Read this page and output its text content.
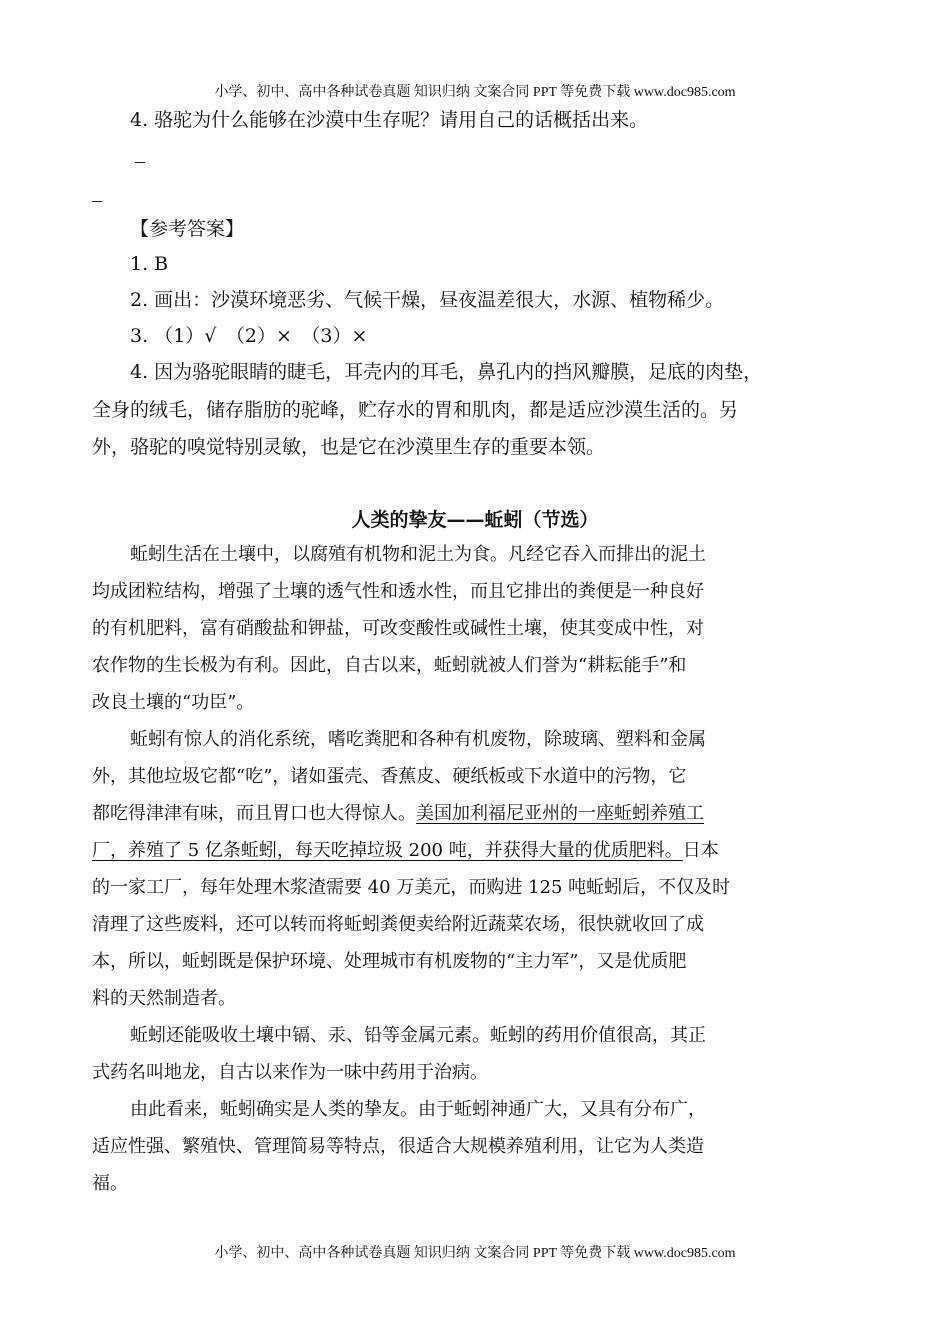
小学、初中、高中各种试卷真题 知识归纳 文案合同 PPT 等免费下载 www.doc985.com
4. 骆驼为什么能够在沙漠中生存呢？请用自己的话概括出来。
【参考答案】
1. B
2. 画出：沙漠环境恶劣、气候干燥，昼夜温差很大，水源、植物稀少。
3. （1）√　（2）×　（3）×
4. 因为骆驼眼睛的睫毛，耳壳内的耳毛，鼻孔内的挡风瓣膜，足底的肉垫，
全身的绒毛，储存脂肪的驼峰，贮存水的胃和肌肉，都是适应沙漠生活的。另
外，骆驼的嗅觉特别灵敏，也是它在沙漠里生存的重要本领。
人类的挚友——蚯蚓（节选）
蚯蚓生活在土壤中，以腐殖有机物和泥土为食。凡经它吞入而排出的泥土
均成团粒结构，增强了土壤的透气性和透水性，而且它排出的粪便是一种良好
的有机肥料，富有硝酸盐和钾盐，可改变酸性或碱性土壤，使其变成中性，对
农作物的生长极为有利。因此，自古以来，蚯蚓就被人们誉为“耕耘能手”和
改良土壤的“功臣”。
蚯蚓有惊人的消化系统，嗜吃粪肥和各种有机废物，除玻璃、塑料和金属
外，其他垃圾它都“吃”，诸如蛋壳、香蕉皮、硬纸板或下水道中的污物，它
都吃得津津有味，而且胃口也大得惊人。美国加利福尼亚州的一座蚯蚓养殖工
厂，养殖了 5 亿条蚯蚓，每天吃掉垃圾 200 吨，并获得大量的优质肥料。日本
的一家工厂，每年处理木浆渣需要 40 万美元，而购进 125 吨蚯蚓后，不仅及时
清理了这些废料，还可以转而将蚯蚓粪便卖给附近蔬菜农场，很快就收回了成
本，所以，蚯蚓既是保护环境、处理城市有机废物的“主力军”，又是优质肥
料的天然制造者。
蚯蚓还能吸收土壤中镉、汞、铅等金属元素。蚯蚓的药用价值很高，其正
式药名叫地龙，自古以来作为一味中药用于治病。
由此看来，蚯蚓确实是人类的挚友。由于蚯蚓神通广大，又具有分布广，
适应性强、繁殖快、管理简易等特点，很适合大规模养殖利用，让它为人类造
福。
小学、初中、高中各种试卷真题 知识归纳 文案合同 PPT 等免费下载 www.doc985.com
